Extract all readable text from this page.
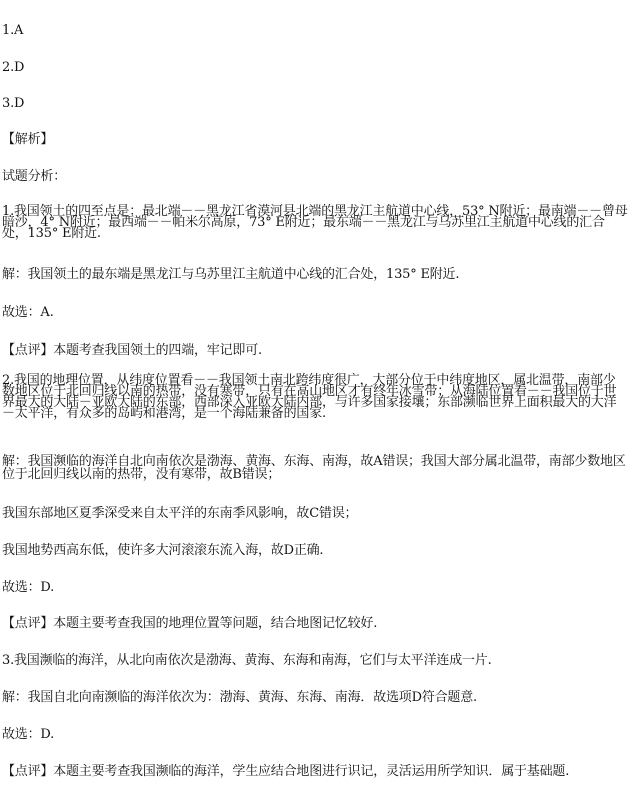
1.A
2.D
3.D
【解析】
试题分析：
1.我国领土的四至点是：最北端－－黑龙江省漠河县北端的黑龙江主航道中心线，53° N附近；最南端－－曾母暗沙，4° N附近；最西端－－帕米尔高原，73° E附近；最东端－－黑龙江与乌苏里江主航道中心线的汇合处，135° E附近.
解：我国领土的最东端是黑龙江与乌苏里江主航道中心线的汇合处，135° E附近.
故选：A.
【点评】本题考查我国领土的四端，牢记即可.
2.我国的地理位置，从纬度位置看－－我国领土南北跨纬度很广，大部分位于中纬度地区，属北温带，南部少数地区位于北回归线以南的热带，没有寒带，只有在高山地区才有终年冰雪带；从海陆位置看－－我国位于世界最大的大陆－亚欧大陆的东部，西部深入亚欧大陆内部，与许多国家接壤；东部濒临世界上面积最大的大洋－太平洋，有众多的岛屿和港湾，是一个海陆兼备的国家.
解：我国濒临的海洋自北向南依次是渤海、黄海、东海、南海，故A错误；我国大部分属北温带，南部少数地区位于北回归线以南的热带，没有寒带，故B错误；
我国东部地区夏季深受来自太平洋的东南季风影响，故C错误；
我国地势西高东低，使许多大河滚滚东流入海，故D正确.
故选：D.
【点评】本题主要考查我国的地理位置等问题，结合地图记忆较好.
3.我国濒临的海洋，从北向南依次是渤海、黄海、东海和南海，它们与太平洋连成一片.
解：我国自北向南濒临的海洋依次为：渤海、黄海、东海、南海．故选项D符合题意.
故选：D.
【点评】本题主要考查我国濒临的海洋，学生应结合地图进行识记，灵活运用所学知识．属于基础题.
